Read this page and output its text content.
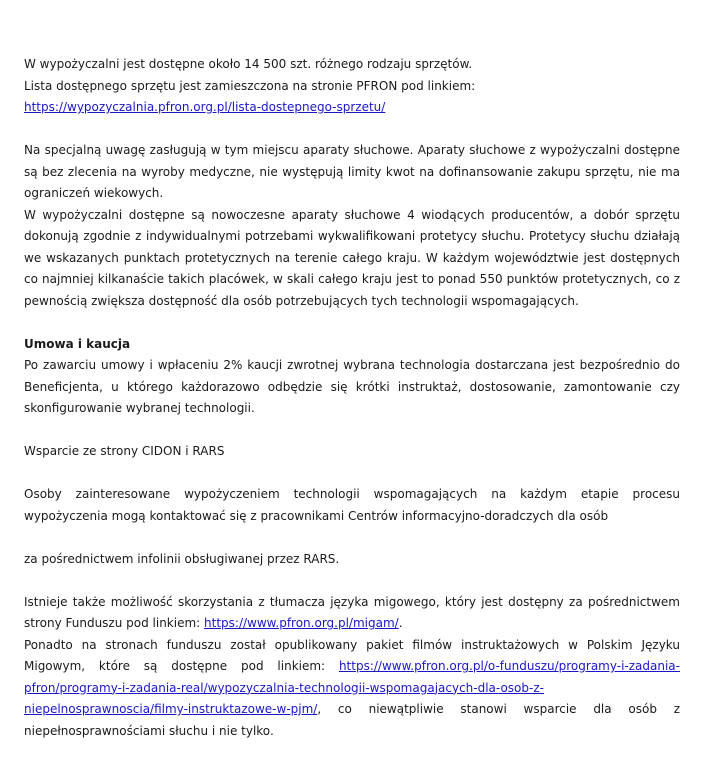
W wypożyczalni jest dostępne około 14 500 szt. różnego rodzaju sprzętów.

Lista dostępnego sprzętu jest zamieszczona na stronie PFRON pod linkiem:

https://wypozyczalnia.pfron.org.pl/lista-dostepnego-sprzetu/

Na specjalną uwagę zasługują w tym miejscu aparaty słuchowe. Aparaty słuchowe z wypożyczalni dostępne są bez zlecenia na wyroby medyczne, nie występują limity kwot na dofinansowanie zakupu sprzętu, nie ma ograniczeń wiekowych.

W wypożyczalni dostępne są nowoczesne aparaty słuchowe 4 wiodących producentów, a dobór sprzętu dokonują zgodnie z indywidualnymi potrzebami wykwalifikowani protetycy słuchu. Protetycy słuchu działają we wskazanych punktach protetycznych na terenie całego kraju. W każdym województwie jest dostępnych co najmniej kilkanaście takich placówek, w skali całego kraju jest to ponad 550 punktów protetycznych, co z pewnością zwiększa dostępność dla osób potrzebujących tych technologii wspomagających.

Umowa i kaucja

Po zawarciu umowy i wpłaceniu 2% kaucji zwrotnej wybrana technologia dostarczana jest bezpośrednio do Beneficjenta, u którego każdorazowo odbędzie się krótki instruktaż, dostosowanie, zamontowanie czy skonfigurowanie wybranej technologii.

Wsparcie ze strony CIDON i RARS

Osoby zainteresowane wypożyczeniem technologii wspomagających na każdym etapie procesu wypożyczenia mogą kontaktować się z pracownikami Centrów informacyjno-doradczych dla osób

za pośrednictwem infolinii obsługiwanej przez RARS.

Istnieje także możliwość skorzystania z tłumacza języka migowego, który jest dostępny za pośrednictwem strony Funduszu pod linkiem: https://www.pfron.org.pl/migam/.

Ponadto na stronach funduszu został opublikowany pakiet filmów instruktażowych w Polskim Języku Migowym, które są dostępne pod linkiem: https://www.pfron.org.pl/o-funduszu/programy-i-zadania-pfron/programy-i-zadania-real/wypozyczalnia-technologii-wspomagajacych-dla-osob-z-niepelnosprawnoscia/filmy-instruktazowe-w-pjm/, co niewątpliwie stanowi wsparcie dla osób z niepełnosprawnościami słuchu i nie tylko.
